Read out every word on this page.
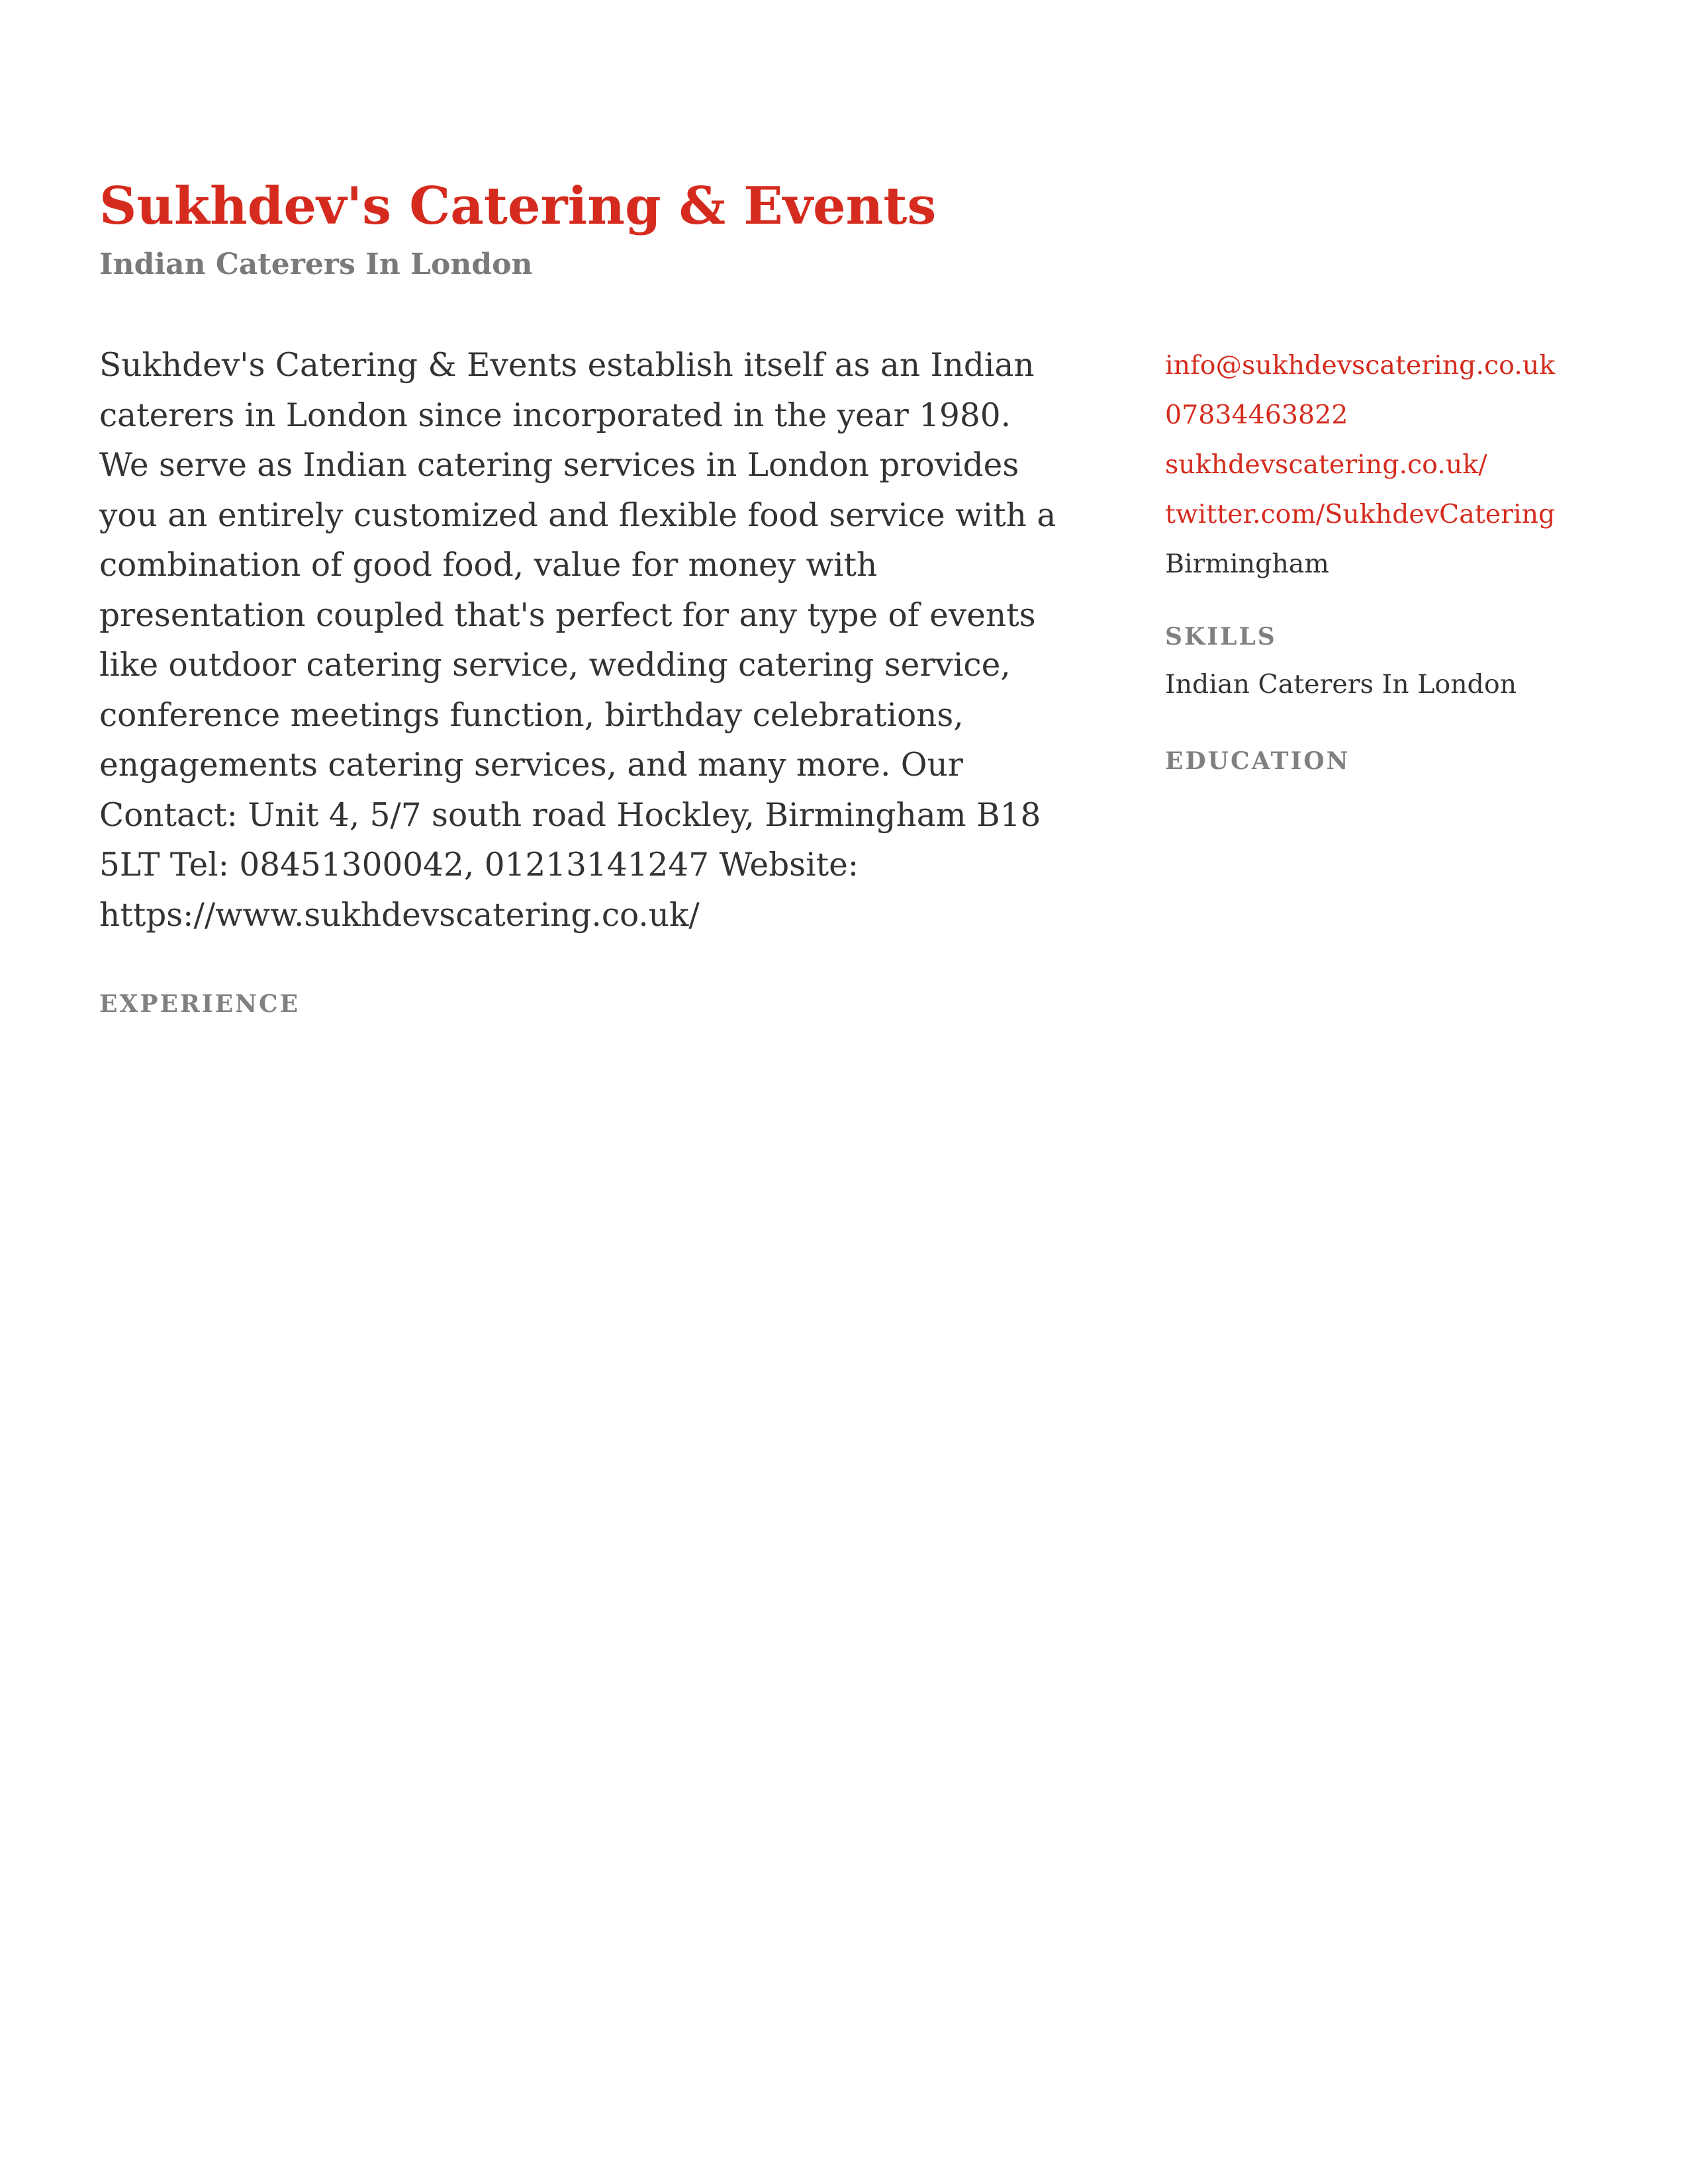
Sukhdev's Catering & Events
Indian Caterers In London

Sukhdev's Catering & Events establish itself as an Indian caterers in London since incorporated in the year 1980. We serve as Indian catering services in London provides you an entirely customized and flexible food service with a combination of good food, value for money with presentation coupled that's perfect for any type of events like outdoor catering service, wedding catering service, conference meetings function, birthday celebrations, engagements catering services, and many more. Our Contact: Unit 4, 5/7 south road Hockley, Birmingham B18 5LT Tel: 08451300042, 01213141247 Website: https://www.sukhdevscatering.co.uk/

EXPERIENCE
info@sukhdevscatering.co.uk
07834463822
sukhdevscatering.co.uk/
twitter.com/SukhdevCatering
Birmingham
SKILLS

Indian Caterers In London

EDUCATION
